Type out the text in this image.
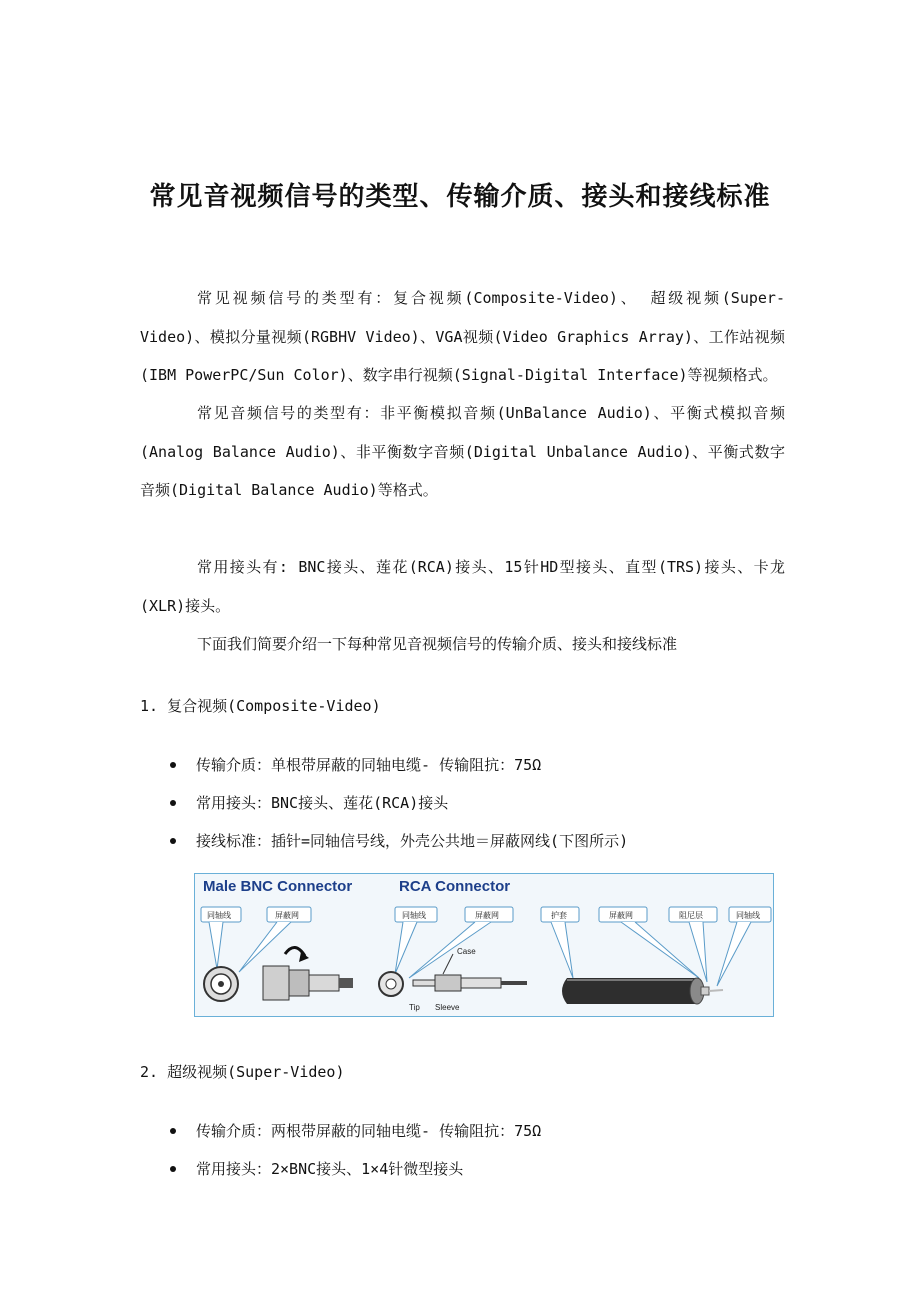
常见音视频信号的类型、传输介质、接头和接线标准

常见视频信号的类型有：复合视频(Composite-Video)、 超级视频(Super-Video)、模拟分量视频(RGBHV Video)、VGA视频(Video Graphics Array)、工作站视频(IBM PowerPC/Sun Color)、数字串行视频(Signal-Digital Interface)等视频格式。

常见音频信号的类型有：非平衡模拟音频(UnBalance Audio)、平衡式模拟音频(Analog Balance Audio)、非平衡数字音频(Digital Unbalance Audio)、平衡式数字音频(Digital Balance Audio)等格式。

常用接头有: BNC接头、莲花(RCA)接头、15针HD型接头、直型(TRS)接头、卡龙(XLR)接头。

下面我们简要介绍一下每种常见音视频信号的传输介质、接头和接线标准

1. 复合视频(Composite-Video)
传输介质：单根带屏蔽的同轴电缆- 传输阻抗：75Ω
常用接头：BNC接头、莲花(RCA)接头
接线标准：插针=同轴信号线，外壳公共地＝屏蔽网线(下图所示)
Male BNC Connector	RCA Connector
同轴线	屏蔽网	同轴线	屏蔽网
Case
Tip Sleeve
护套	屏蔽网	阻尼层	同轴线
2. 超级视频(Super-Video)
传输介质：两根带屏蔽的同轴电缆- 传输阻抗：75Ω
常用接头：2×BNC接头、1×4针微型接头
